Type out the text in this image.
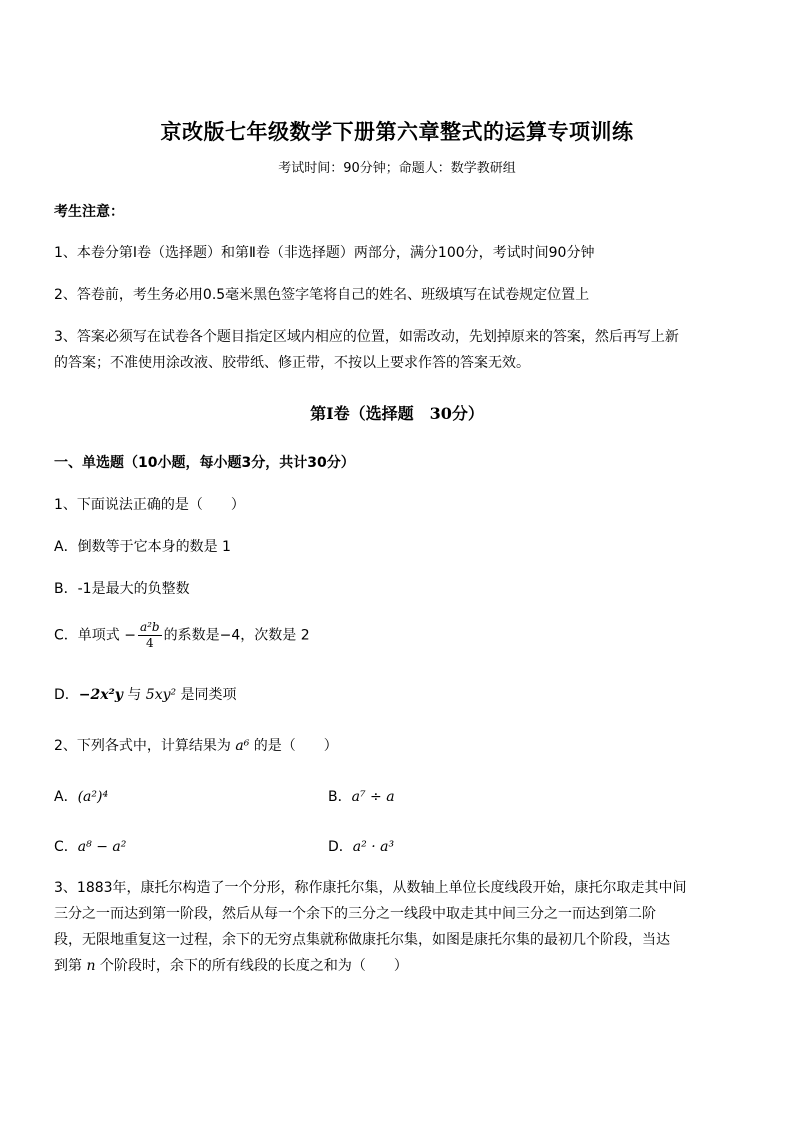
京改版七年级数学下册第六章整式的运算专项训练
考试时间：90分钟；命题人：数学教研组
考生注意：
1、本卷分第Ⅰ卷（选择题）和第Ⅱ卷（非选择题）两部分，满分100分，考试时间90分钟
2、答卷前，考生务必用0.5毫米黑色签字笔将自己的姓名、班级填写在试卷规定位置上
3、答案必须写在试卷各个题目指定区域内相应的位置，如需改动，先划掉原来的答案，然后再写上新
的答案；不准使用涂改液、胶带纸、修正带，不按以上要求作答的答案无效。
第Ⅰ卷（选择题　30分）
一、单选题（10小题，每小题3分，共计30分）
1、下面说法正确的是（　　）
A．倒数等于它本身的数是 1
B．-1是最大的负整数
C．单项式 − $\frac{\text{a²b}}{4}$ 的系数是−4，次数是 2
D．−2x²y 与 5xy² 是同类项
2、下列各式中，计算结果为 a⁶ 的是（　　）
A．(a²)⁴	B．a⁷ ÷ a
C．a⁸ − a²	D．a² · a³
3、1883年，康托尔构造了一个分形，称作康托尔集，从数轴上单位长度线段开始，康托尔取走其中间
三分之一而达到第一阶段，然后从每一个余下的三分之一线段中取走其中间三分之一而达到第二阶
段，无限地重复这一过程，余下的无穷点集就称做康托尔集，如图是康托尔集的最初几个阶段，当达
到第 n 个阶段时，余下的所有线段的长度之和为（　　）
